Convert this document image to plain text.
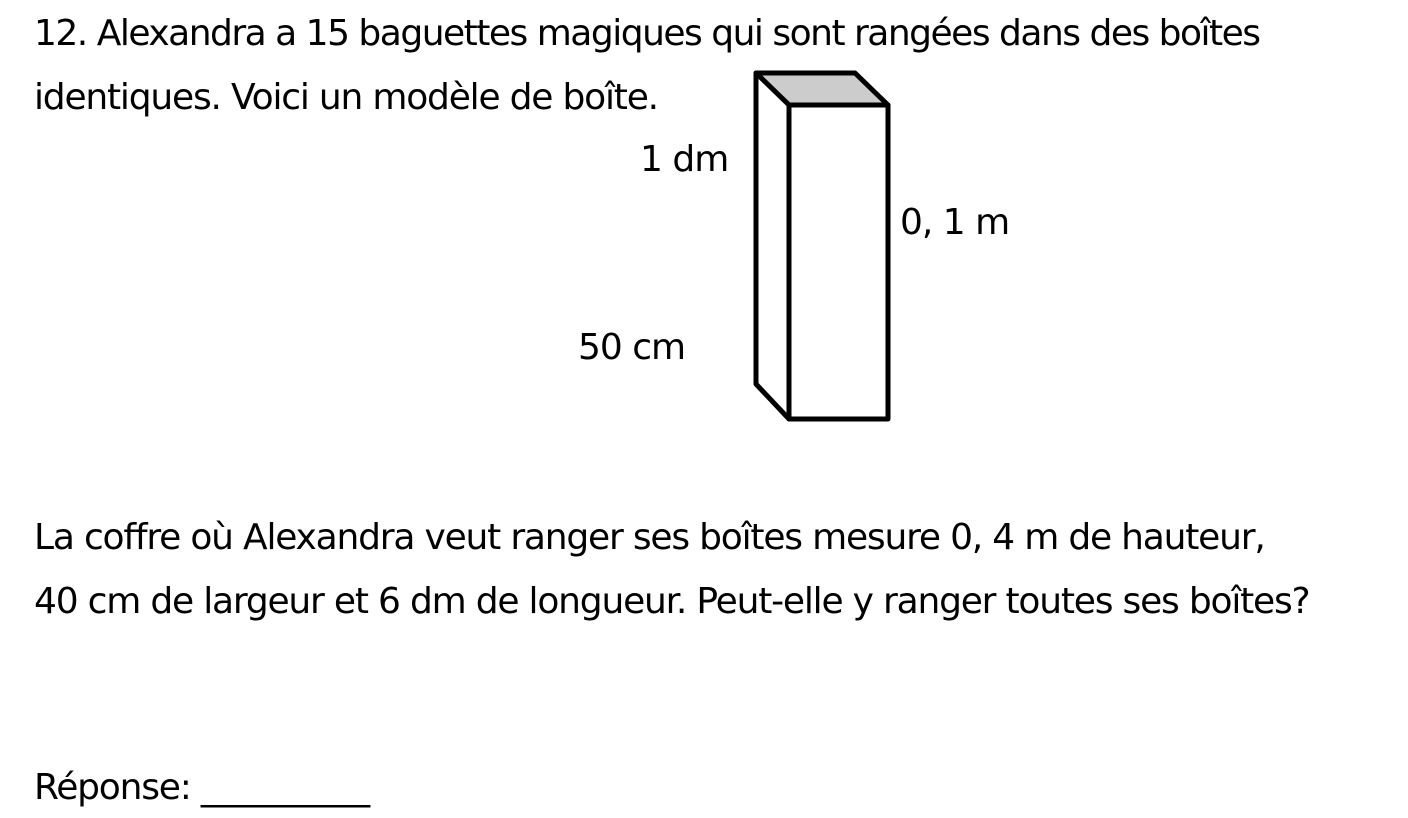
12. Alexandra a 15 baguettes magiques qui sont rangées dans des boîtes
identiques. Voici un modèle de boîte.
1 dm
0, 1 m
50 cm
La coffre où Alexandra veut ranger ses boîtes mesure 0, 4 m de hauteur,
40 cm de largeur et 6 dm de longueur. Peut-elle y ranger toutes ses boîtes?
Réponse: __________
